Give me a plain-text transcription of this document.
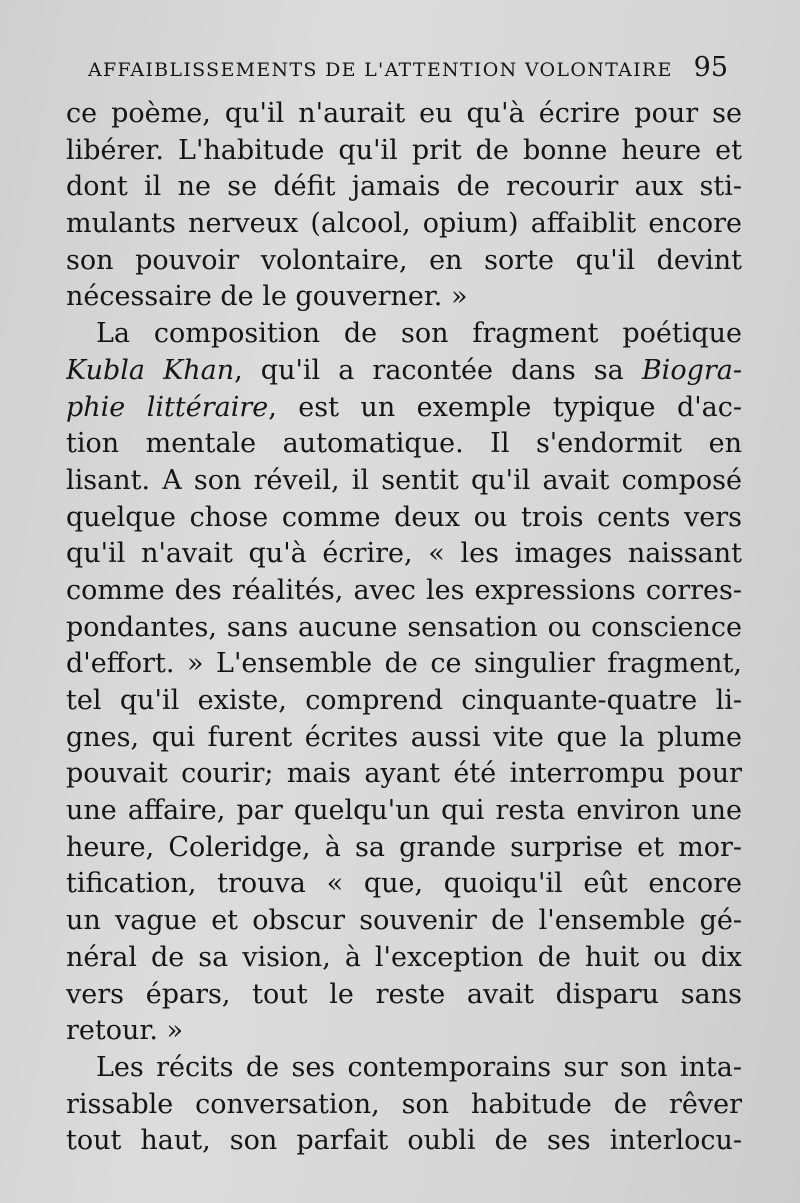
AFFAIBLISSEMENTS DE L'ATTENTION VOLONTAIRE 95
ce poème, qu'il n'aurait eu qu'à écrire pour se
libérer. L'habitude qu'il prit de bonne heure et
dont il ne se défit jamais de recourir aux sti-
mulants nerveux (alcool, opium) affaiblit encore
son pouvoir volontaire, en sorte qu'il devint
nécessaire de le gouverner. »
La composition de son fragment poétique
Kubla Khan, qu'il a racontée dans sa Biogra-
phie littéraire, est un exemple typique d'ac-
tion mentale automatique. Il s'endormit en
lisant. A son réveil, il sentit qu'il avait composé
quelque chose comme deux ou trois cents vers
qu'il n'avait qu'à écrire, « les images naissant
comme des réalités, avec les expressions corres-
pondantes, sans aucune sensation ou conscience
d'effort. » L'ensemble de ce singulier fragment,
tel qu'il existe, comprend cinquante-quatre li-
gnes, qui furent écrites aussi vite que la plume
pouvait courir; mais ayant été interrompu pour
une affaire, par quelqu'un qui resta environ une
heure, Coleridge, à sa grande surprise et mor-
tification, trouva « que, quoiqu'il eût encore
un vague et obscur souvenir de l'ensemble gé-
néral de sa vision, à l'exception de huit ou dix
vers épars, tout le reste avait disparu sans
retour. »
Les récits de ses contemporains sur son inta-
rissable conversation, son habitude de rêver
tout haut, son parfait oubli de ses interlocu-
